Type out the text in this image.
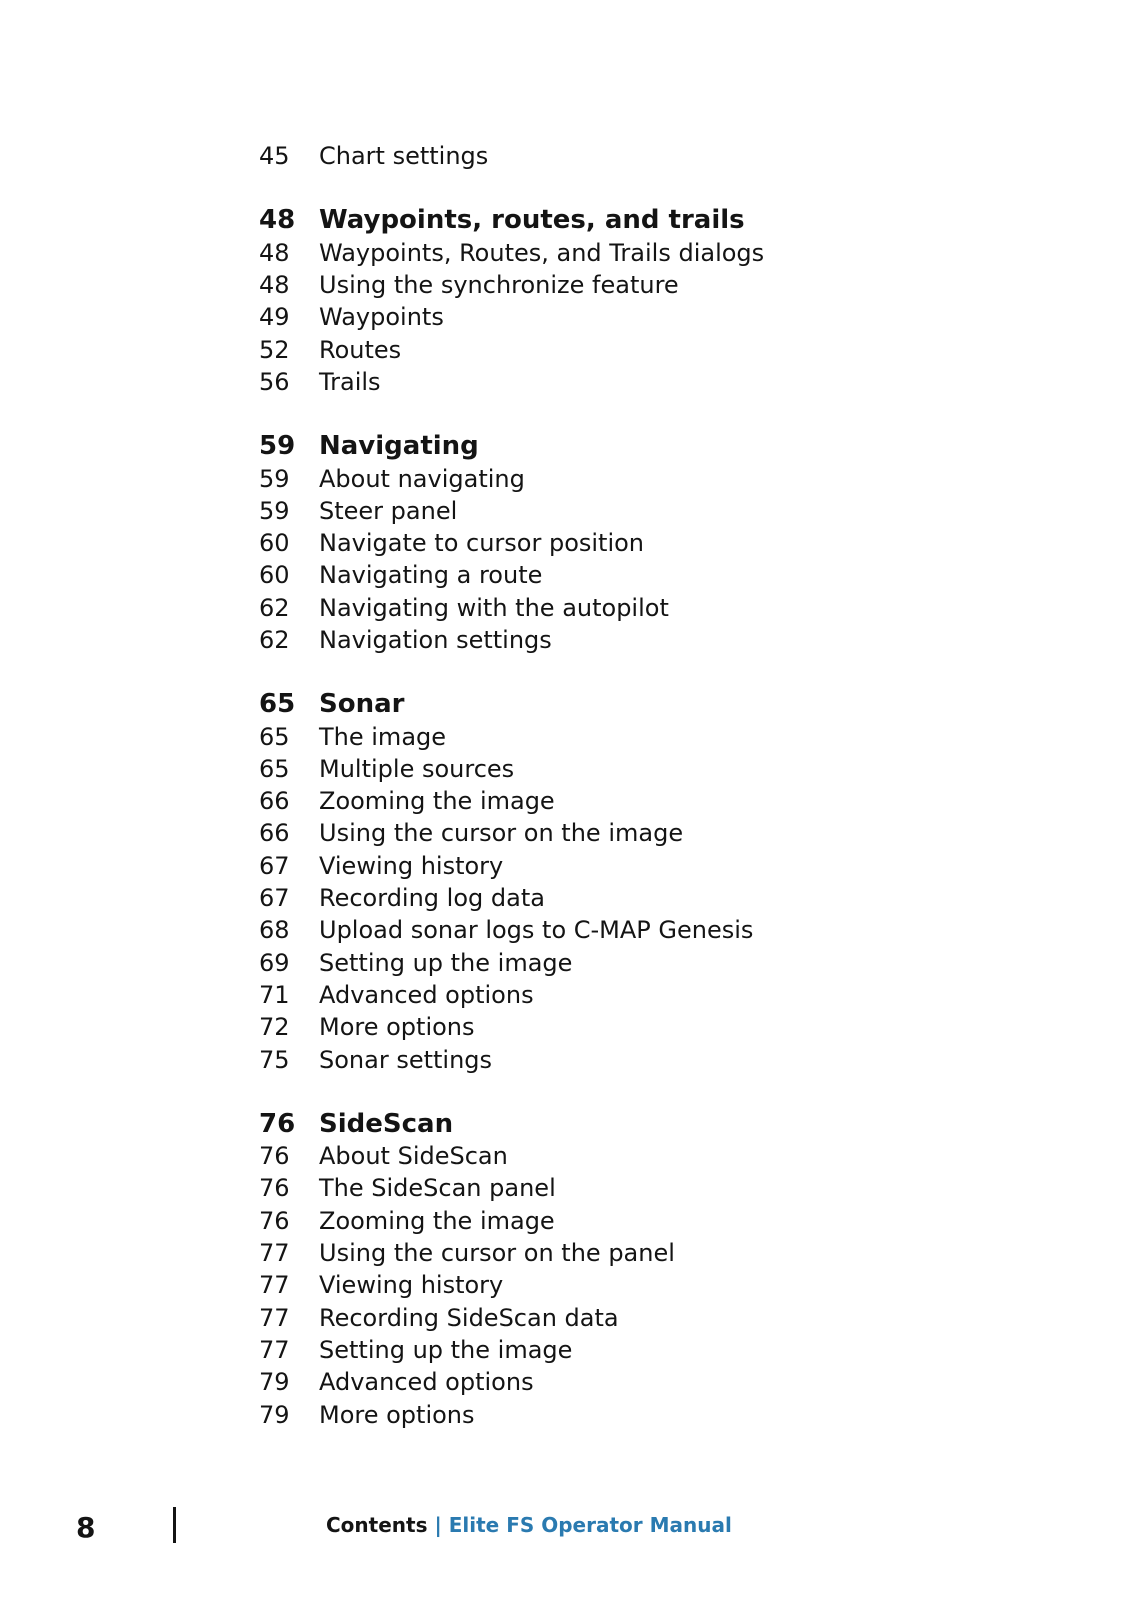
45	Chart settings
48 Waypoints, routes, and trails
48	Waypoints, Routes, and Trails dialogs
48	Using the synchronize feature
49	Waypoints
52	Routes
56	Trails
59 Navigating
59	About navigating
59	Steer panel
60	Navigate to cursor position
60	Navigating a route
62	Navigating with the autopilot
62	Navigation settings
65 Sonar
65	The image
65	Multiple sources
66	Zooming the image
66	Using the cursor on the image
67	Viewing history
67	Recording log data
68	Upload sonar logs to C-MAP Genesis
69	Setting up the image
71	Advanced options
72	More options
75	Sonar settings
76 SideScan
76	About SideScan
76	The SideScan panel
76	Zooming the image
77	Using the cursor on the panel
77	Viewing history
77	Recording SideScan data
77	Setting up the image
79	Advanced options
79	More options
8	Contents | Elite FS Operator Manual
